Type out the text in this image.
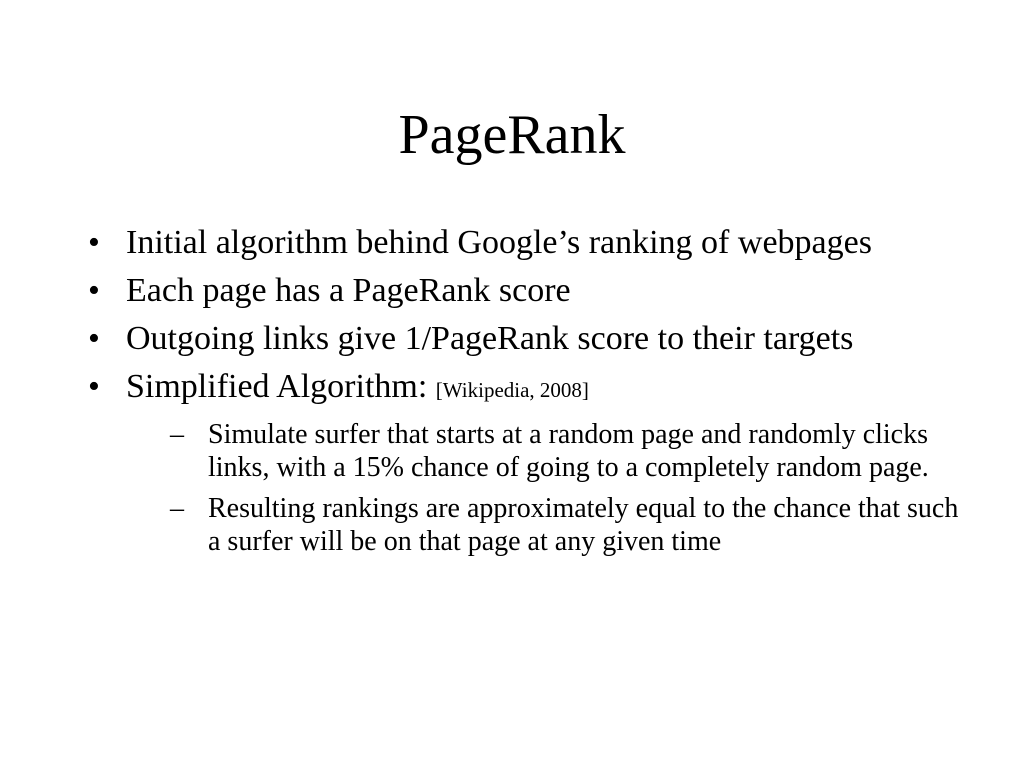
PageRank
• Initial algorithm behind Google’s ranking of webpages
• Each page has a PageRank score
• Outgoing links give 1/PageRank score to their targets
• Simplified Algorithm: [Wikipedia, 2008]
– Simulate surfer that starts at a random page and randomly clicks links, with a 15% chance of going to a completely random page.
– Resulting rankings are approximately equal to the chance that such a surfer will be on that page at any given time
